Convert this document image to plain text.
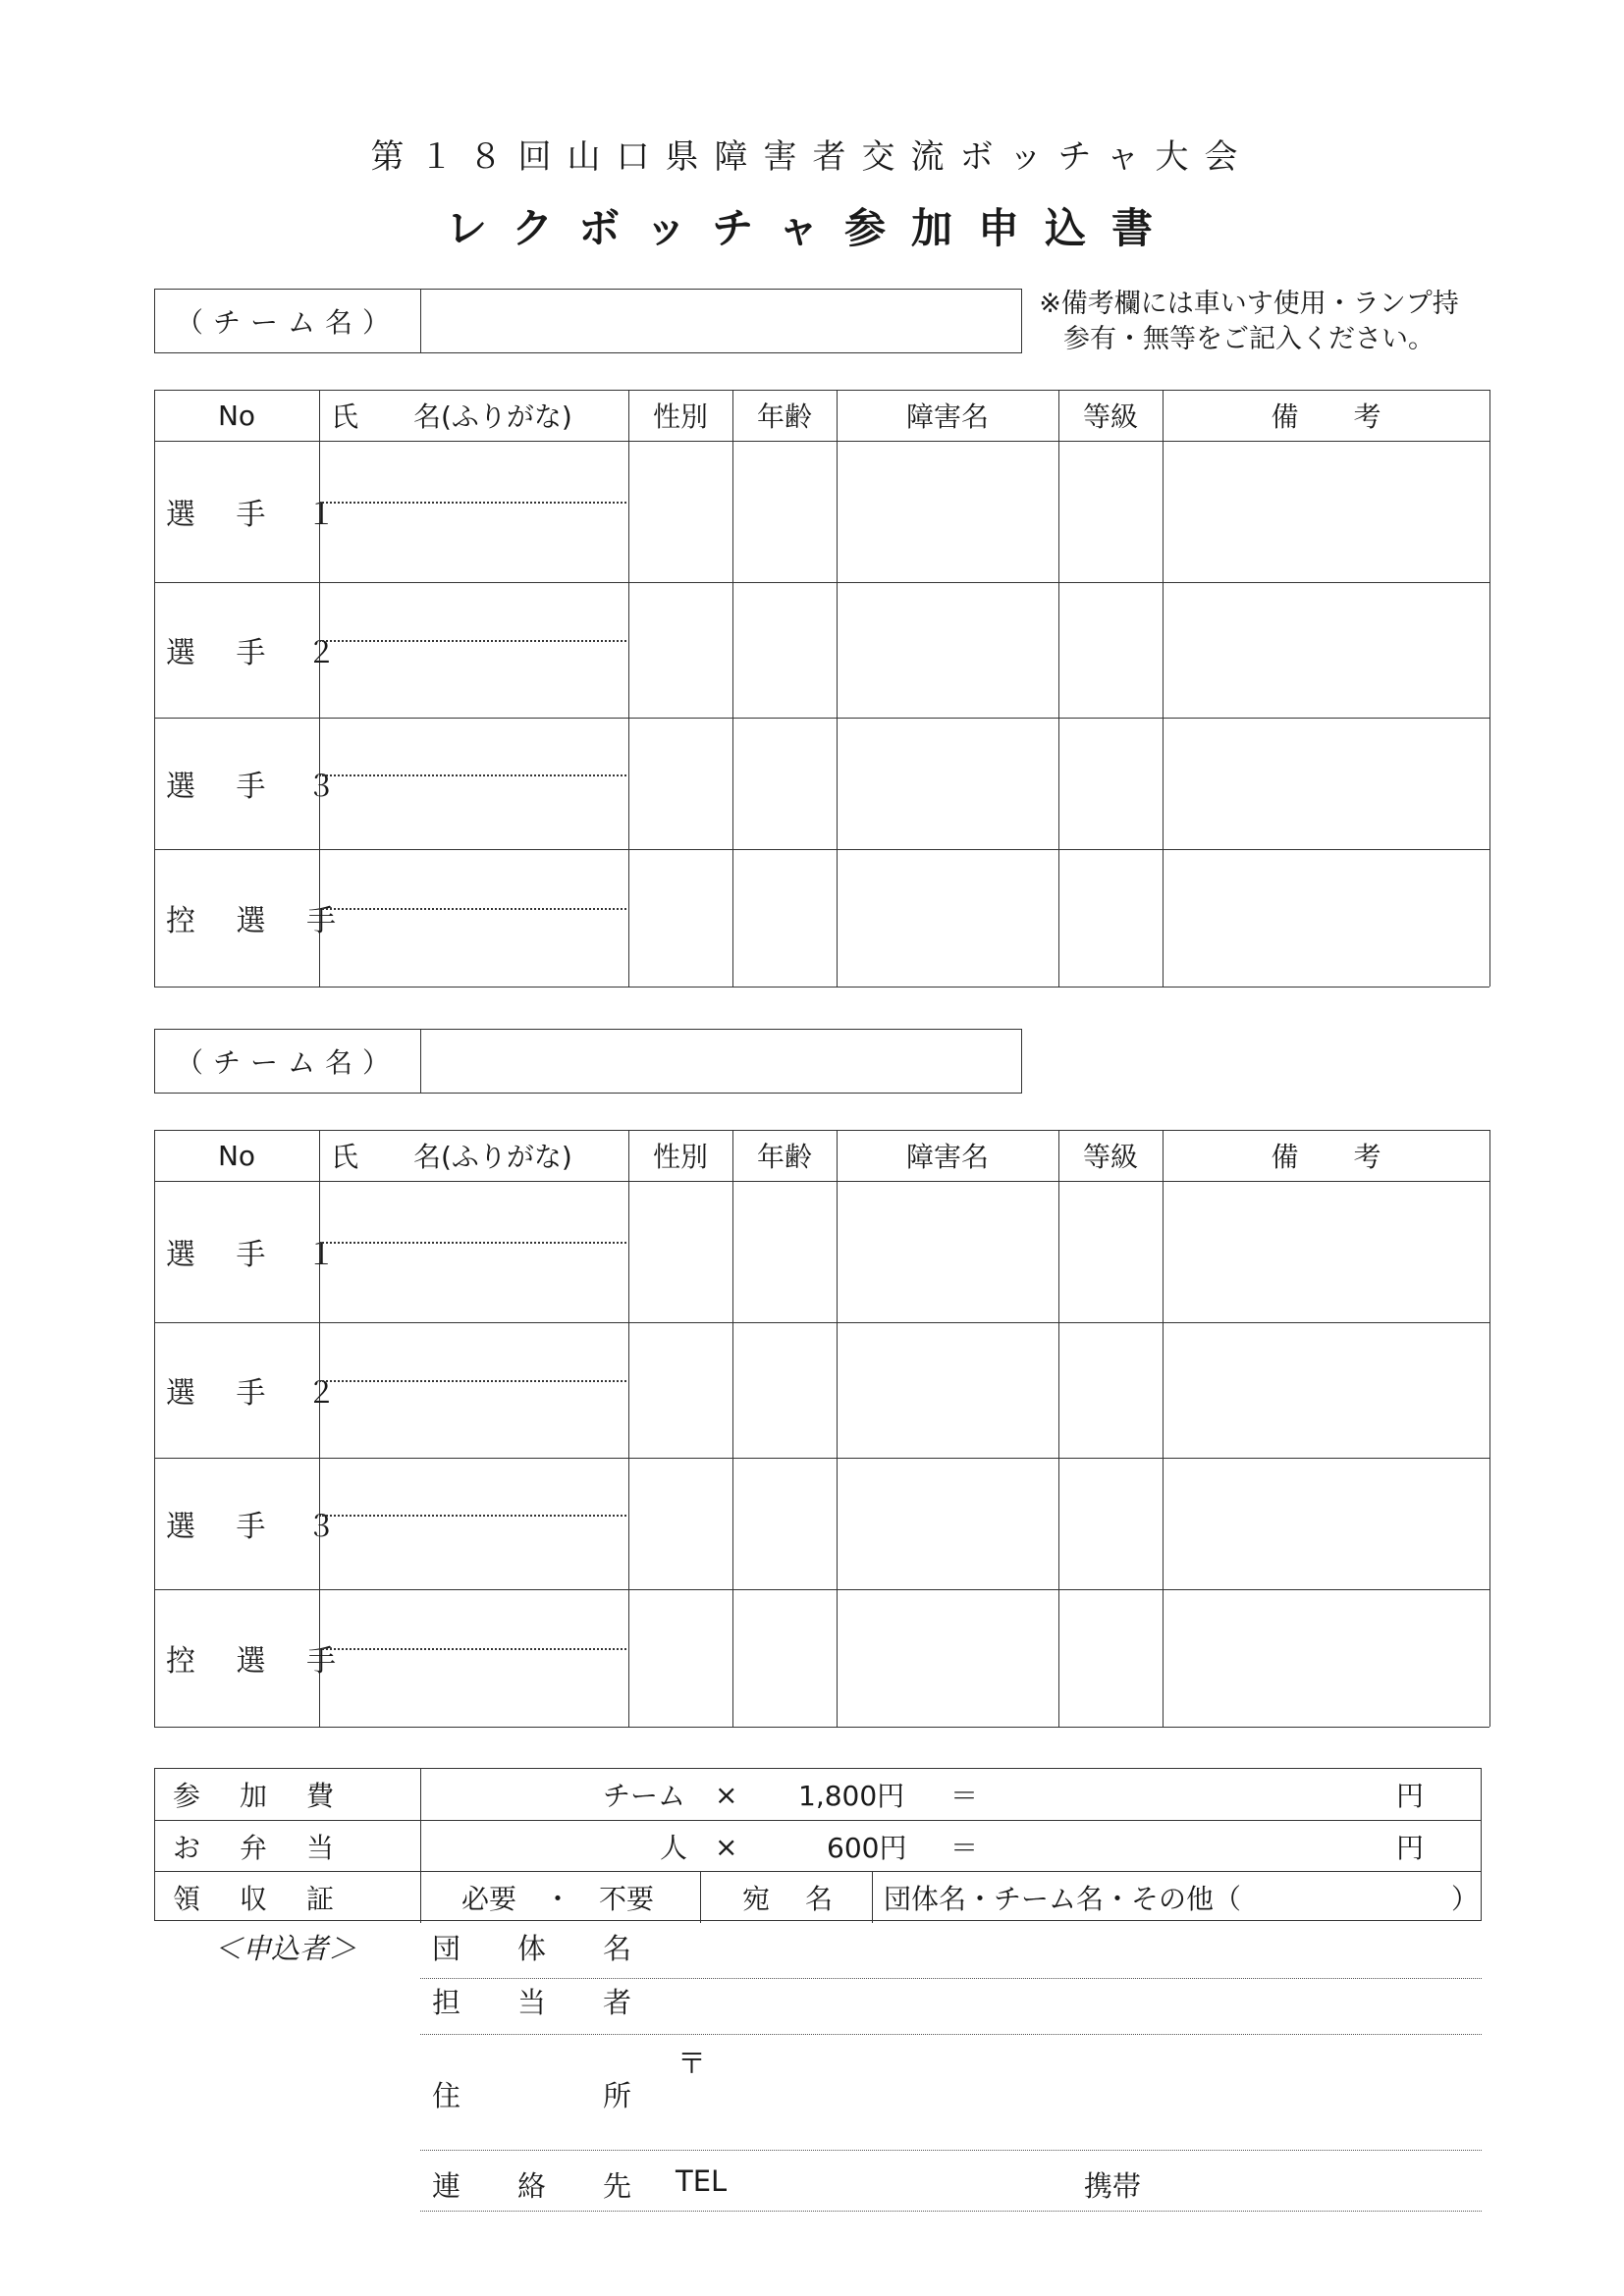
第１８回山口県障害者交流ボッチャ大会
レクボッチャ参加申込書
（チーム名）
※備考欄には車いす使用・ランプ持参有・無等をご記入ください。
No	氏　　名(ふりがな)	性別	年齢	障害名	等級	備　　考
選 手 １
選 手 ２
選 手 ３
控 選 手
（チーム名）
No	氏　　名(ふりがな)	性別	年齢	障害名	等級	備　　考
選 手 １
選 手 ２
選 手 ３
控 選 手
参　加　費	チーム × 1,800円 ＝	円
お　弁　当	人 ×	600円 ＝	円
領　収　証	必要　・　不要	宛　名 団体名・チーム名・その他（	）
＜申込者＞	団　　体　　名
担　　当　　者
〒
住　　　　　所
連　　絡　　先 TEL	携帯
